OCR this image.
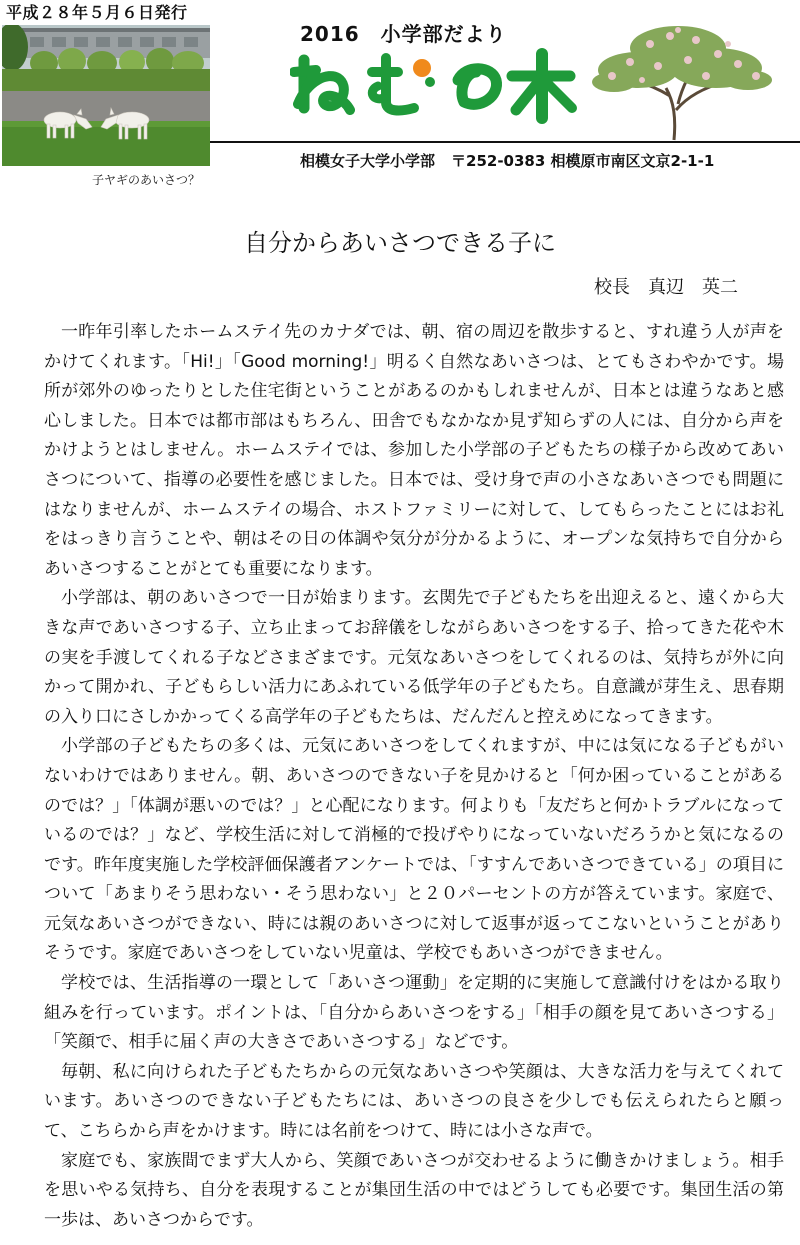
平成２８年５月６日発行
子ヤギのあいさつ？
2016　小学部だより
相模女子大学小学部 〒252-0383 相模原市南区文京2-1-1
自分からあいさつできる子に
校長　真辺　英二

一昨年引率したホームステイ先のカナダでは、朝、宿の周辺を散歩すると、すれ違う人が声をかけてくれます。「Hi!」「Good morning!」明るく自然なあいさつは、とてもさわやかです。場所が郊外のゆったりとした住宅街ということがあるのかもしれませんが、日本とは違うなあと感心しました。日本では都市部はもちろん、田舎でもなかなか見ず知らずの人には、自分から声をかけようとはしません。ホームステイでは、参加した小学部の子どもたちの様子から改めてあいさつについて、指導の必要性を感じました。日本では、受け身で声の小さなあいさつでも問題にはなりませんが、ホームステイの場合、ホストファミリーに対して、してもらったことにはお礼をはっきり言うことや、朝はその日の体調や気分が分かるように、オープンな気持ちで自分からあいさつすることがとても重要になります。

小学部は、朝のあいさつで一日が始まります。玄関先で子どもたちを出迎えると、遠くから大きな声であいさつする子、立ち止まってお辞儀をしながらあいさつをする子、拾ってきた花や木の実を手渡してくれる子などさまざまです。元気なあいさつをしてくれるのは、気持ちが外に向かって開かれ、子どもらしい活力にあふれている低学年の子どもたち。自意識が芽生え、思春期の入り口にさしかかってくる高学年の子どもたちは、だんだんと控えめになってきます。

小学部の子どもたちの多くは、元気にあいさつをしてくれますが、中には気になる子どもがいないわけではありません。朝、あいさつのできない子を見かけると「何か困っていることがあるのでは？」「体調が悪いのでは？」と心配になります。何よりも「友だちと何かトラブルになっているのでは？」など、学校生活に対して消極的で投げやりになっていないだろうかと気になるのです。昨年度実施した学校評価保護者アンケートでは、「すすんであいさつできている」の項目について「あまりそう思わない・そう思わない」と２０パーセントの方が答えています。家庭で、元気なあいさつができない、時には親のあいさつに対して返事が返ってこないということがありそうです。家庭であいさつをしていない児童は、学校でもあいさつができません。

学校では、生活指導の一環として「あいさつ運動」を定期的に実施して意識付けをはかる取り組みを行っています。ポイントは、「自分からあいさつをする」「相手の顔を見てあいさつする」「笑顔で、相手に届く声の大きさであいさつする」などです。

毎朝、私に向けられた子どもたちからの元気なあいさつや笑顔は、大きな活力を与えてくれています。あいさつのできない子どもたちには、あいさつの良さを少しでも伝えられたらと願って、こちらから声をかけます。時には名前をつけて、時には小さな声で。

家庭でも、家族間でまず大人から、笑顔であいさつが交わせるように働きかけましょう。相手を思いやる気持ち、自分を表現することが集団生活の中ではどうしても必要です。集団生活の第一歩は、あいさつからです。
